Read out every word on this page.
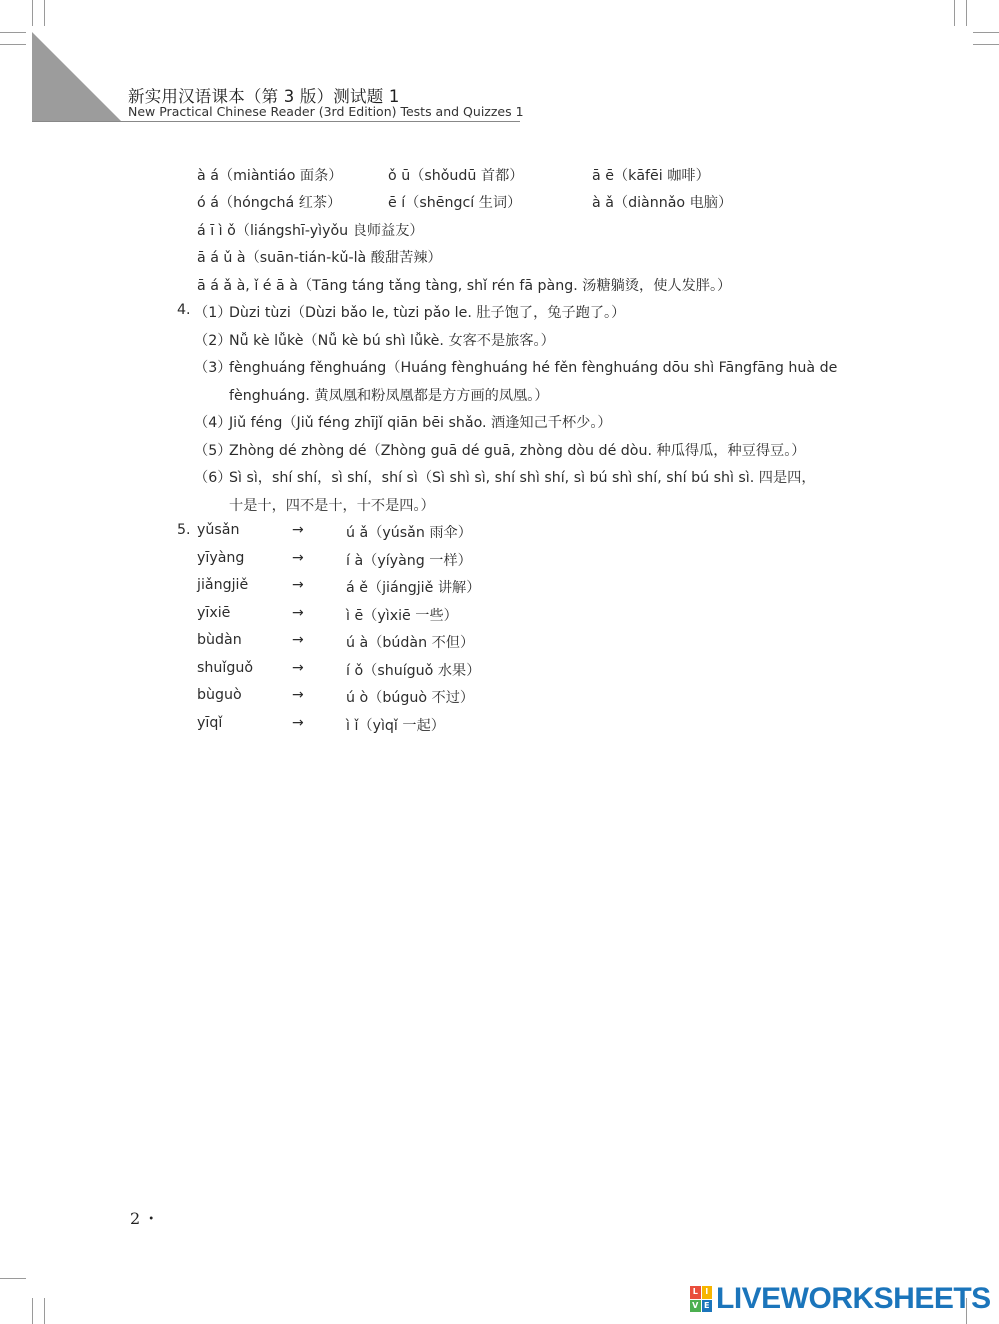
新实用汉语课本（第 3 版）测试题 1
New Practical Chinese Reader (3rd Edition) Tests and Quizzes 1
à á（miàntiáo 面条）	ǒ ū（shǒudū 首都）	ā ē（kāfēi 咖啡）
ó á（hóngchá 红茶）	ē í（shēngcí 生词）	à ǎ（diànnǎo 电脑）
á ī ì ǒ（liángshī-yìyǒu 良师益友）
ā á ǔ à（suān-tián-kǔ-là 酸甜苦辣）
ā á ǎ à, ǐ é ā à（Tāng táng tǎng tàng, shǐ rén fā pàng. 汤糖躺烫，使人发胖。）
4. （1）
Dùzi tùzi（Dùzi bǎo le, tùzi pǎo le. 肚子饱了，兔子跑了。）
（2）
Nǚ kè lǚkè（Nǚ kè bú shì lǚkè. 女客不是旅客。）
（3）
fènghuáng fěnghuáng（Huáng fènghuáng hé fěn fènghuáng dōu shì Fāngfāng huà de
fènghuáng. 黄凤凰和粉凤凰都是方方画的凤凰。）
（4）
Jiǔ féng（Jiǔ féng zhījǐ qiān bēi shǎo. 酒逢知己千杯少。）
（5）
Zhòng dé zhòng dé（Zhòng guā dé guā, zhòng dòu dé dòu. 种瓜得瓜，种豆得豆。）
（6）
Sì sì，shí shí，sì shí，shí sì（Sì shì sì, shí shì shí, sì bú shì shí, shí bú shì sì. 四是四，
十是十，四不是十，十不是四。）
5. yǔsǎn	→	ú ǎ（yúsǎn 雨伞）
yīyàng	→	í à（yíyàng 一样）
jiǎngjiě	→	á ě（jiángjiě 讲解）
yīxiē	→	ì ē（yìxiē 一些）
bùdàn	→	ú à（búdàn 不但）
shuǐguǒ	→	í ǒ（shuíguǒ 水果）
bùguò	→	ú ò（búguò 不过）
yīqǐ	→	ì ǐ（yìqǐ 一起）
2 •
L I
V E LIVEWORKSHEETS
